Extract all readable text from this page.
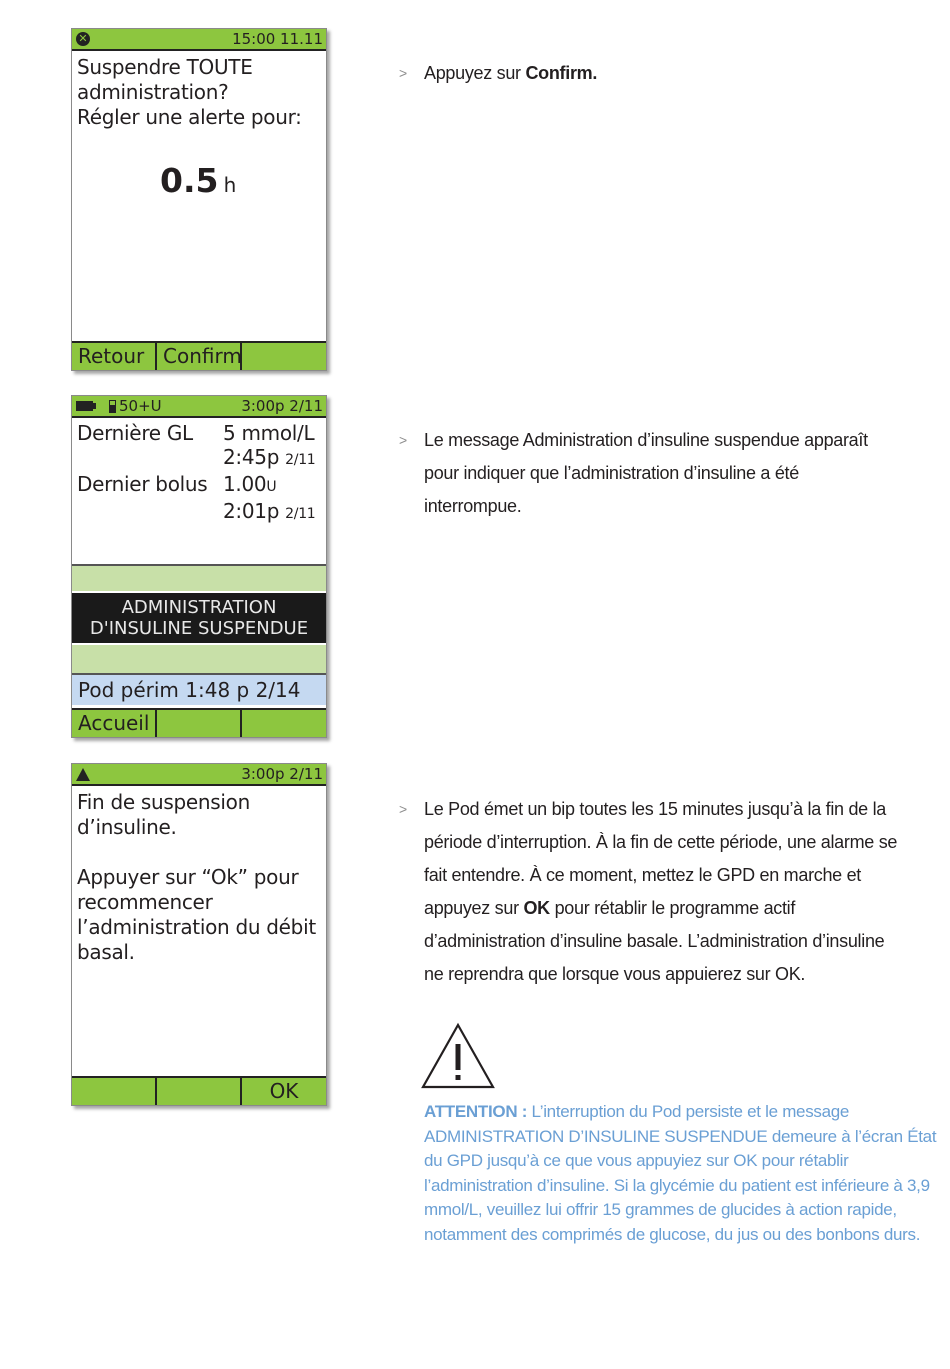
✕	15:00 11.11
Suspendre TOUTE
administration?
Régler une alerte pour:
0.5 h
Retour Confirm
> Appuyez sur Confirm.
50+U	3:00p 2/11
Dernière GL	5 mmol/L
2:45p 2/11
Dernier bolus 1.00U
2:01p 2/11
ADMINISTRATION
D'INSULINE SUSPENDUE
Pod périm 1:48 p 2/14
Accueil
> Le message Administration d’insuline suspendue apparaît pour indiquer que l’administration d’insuline a été interrompue.
3:00p 2/11
Fin de suspension
d’insuline.
Appuyer sur “Ok” pour
recommencer
l’administration du débit
basal.
OK
> Le Pod émet un bip toutes les 15 minutes jusqu’à la fin de la période d’interruption. À la fin de cette période, une alarme se fait entendre. À ce moment, mettez le GPD en marche et appuyez sur OK pour rétablir le programme actif d’administration d’insuline basale. L’administration d’insuline ne reprendra que lorsque vous appuierez sur OK.
ATTENTION : L’interruption du Pod persiste et le message ADMINISTRATION D’INSULINE SUSPENDUE demeure à l’écran État du GPD jusqu’à ce que vous appuyiez sur OK pour rétablir l’administration d’insuline. Si la glycémie du patient est inférieure à 3,9 mmol/L, veuillez lui offrir 15 grammes de glucides à action rapide, notamment des comprimés de glucose, du jus ou des bonbons durs.
